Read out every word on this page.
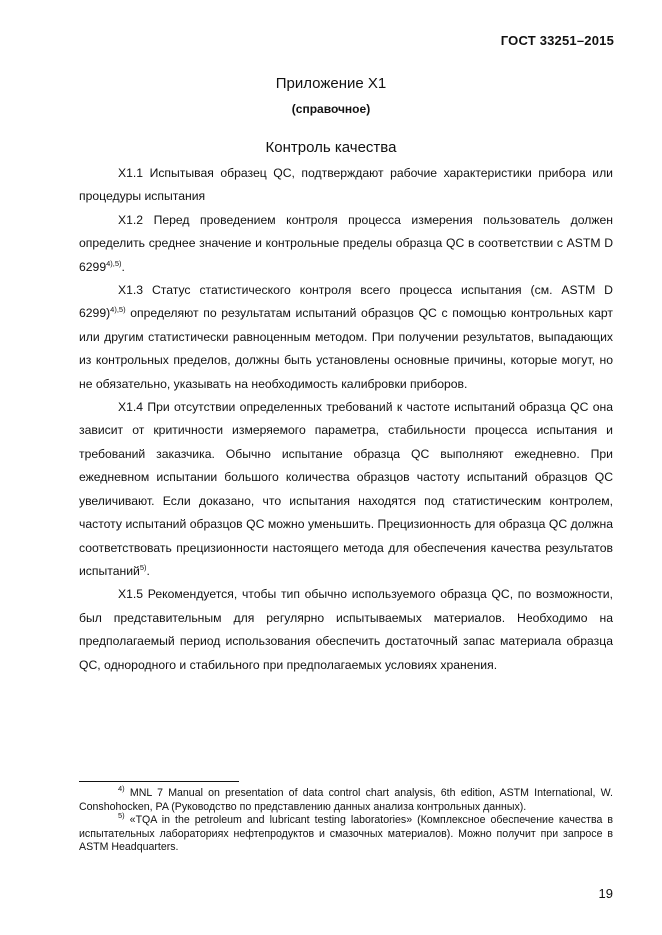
ГОСТ 33251–2015
Приложение X1
(справочное)
Контроль качества

X1.1 Испытывая образец QC, подтверждают рабочие характеристики прибора или процедуры испытания

X1.2 Перед проведением контроля процесса измерения пользователь должен определить среднее значение и контрольные пределы образца QC в соответствии с ASTM D $6299^{4),5)}$.

X1.3 Статус статистического контроля всего процесса испытания (см. ASTM D 6299)$^{4),5)}$ определяют по результатам испытаний образцов QC с помощью контрольных карт или другим статистически равноценным методом. При получении результатов, выпадающих из контрольных пределов, должны быть установлены основные причины, которые могут, но не обязательно, указывать на необходимость калибровки приборов.

X1.4 При отсутствии определенных требований к частоте испытаний образца QC она зависит от критичности измеряемого параметра, стабильности процесса испытания и требований заказчика. Обычно испытание образца QC выполняют ежедневно. При ежедневном испытании большого количества образцов частоту испытаний образцов QC увеличивают. Если доказано, что испытания находятся под статистическим контролем, частоту испытаний образцов QC можно уменьшить. Прецизионность для образца QC должна соответствовать прецизионности настоящего метода для обеспечения качества результатов испытаний$^{5)}$.

X1.5 Рекомендуется, чтобы тип обычно используемого образца QC, по возможности, был представительным для регулярно испытываемых материалов. Необходимо на предполагаемый период использования обеспечить достаточный запас материала образца QC, однородного и стабильного при предполагаемых условиях хранения.

$^{4)}$ MNL 7 Manual on presentation of data control chart analysis, 6th edition, ASTM International, W. Conshohocken, PA (Руководство по представлению данных анализа контрольных данных).

$^{5)}$ «TQA in the petroleum and lubricant testing laboratories» (Комплексное обеспечение качества в испытательных лабораториях нефтепродуктов и смазочных материалов). Можно получит при запросе в ASTM Headquarters.

19
